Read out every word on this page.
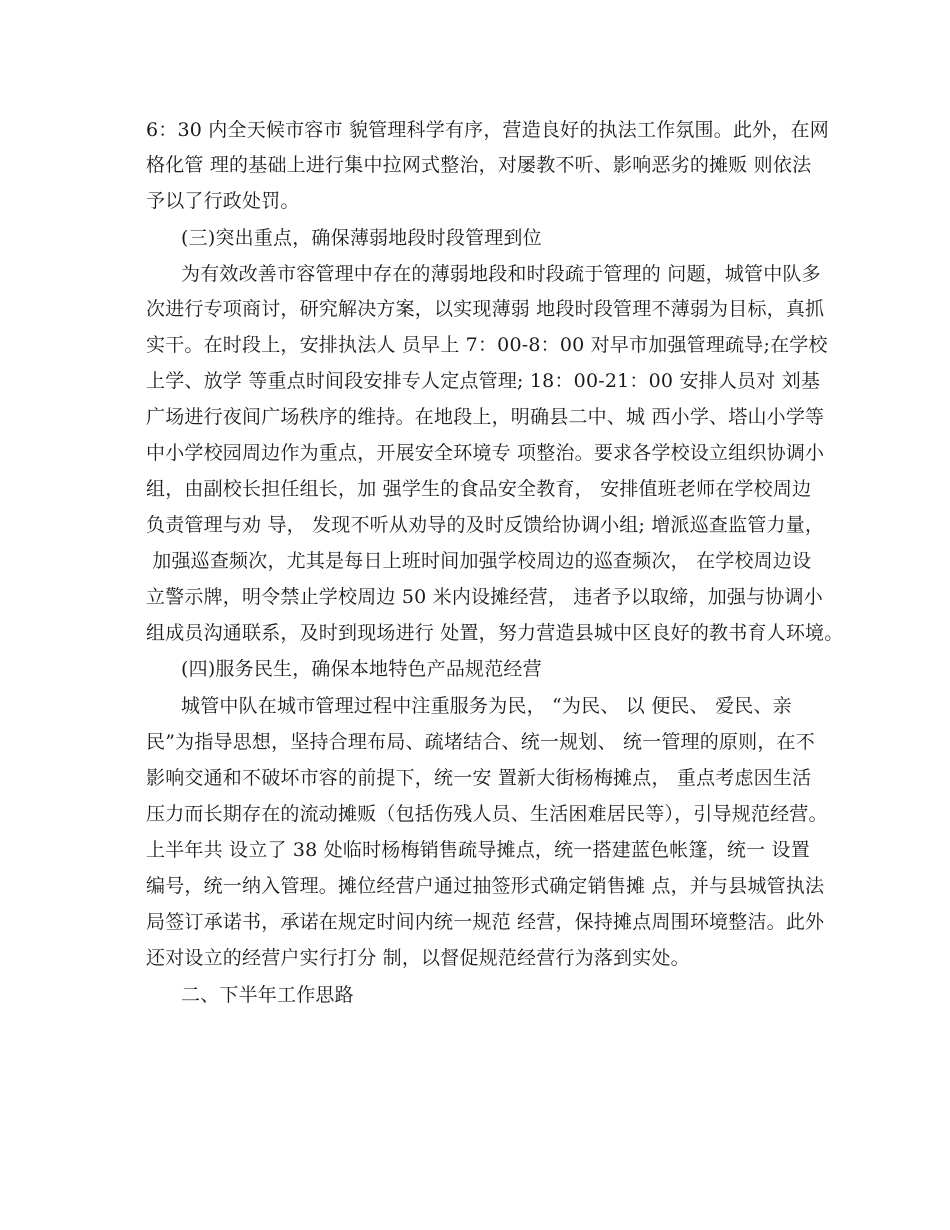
6：30 内全天候市容市 貌管理科学有序，营造良好的执法工作氛围。此外，在网
格化管 理的基础上进行集中拉网式整治，对屡教不听、影响恶劣的摊贩 则依法
予以了行政处罚。
(三)突出重点，确保薄弱地段时段管理到位
为有效改善市容管理中存在的薄弱地段和时段疏于管理的 问题，城管中队多
次进行专项商讨，研究解决方案，以实现薄弱 地段时段管理不薄弱为目标，真抓
实干。在时段上，安排执法人 员早上 7：00-8：00 对早市加强管理疏导;在学校
上学、放学 等重点时间段安排专人定点管理; 18：00-21：00 安排人员对 刘基
广场进行夜间广场秩序的维持。在地段上，明确县二中、城 西小学、塔山小学等
中小学校园周边作为重点，开展安全环境专 项整治。要求各学校设立组织协调小
组，由副校长担任组长，加 强学生的食品安全教育， 安排值班老师在学校周边
负责管理与劝 导， 发现不听从劝导的及时反馈给协调小组; 增派巡查监管力量，
加强巡查频次，尤其是每日上班时间加强学校周边的巡查频次， 在学校周边设
立警示牌，明令禁止学校周边 50 米内设摊经营， 违者予以取缔，加强与协调小
组成员沟通联系，及时到现场进行 处置，努力营造县城中区良好的教书育人环境。
(四)服务民生，确保本地特色产品规范经营
城管中队在城市管理过程中注重服务为民， “为民、 以 便民、 爱民、亲
民”为指导思想，坚持合理布局、疏堵结合、统一规划、 统一管理的原则，在不
影响交通和不破坏市容的前提下，统一安 置新大街杨梅摊点， 重点考虑因生活
压力而长期存在的流动摊贩（包括伤残人员、生活困难居民等），引导规范经营。
上半年共 设立了 38 处临时杨梅销售疏导摊点，统一搭建蓝色帐篷，统一 设置
编号，统一纳入管理。摊位经营户通过抽签形式确定销售摊 点，并与县城管执法
局签订承诺书，承诺在规定时间内统一规范 经营，保持摊点周围环境整洁。此外
还对设立的经营户实行打分 制，以督促规范经营行为落到实处。
二、下半年工作思路
